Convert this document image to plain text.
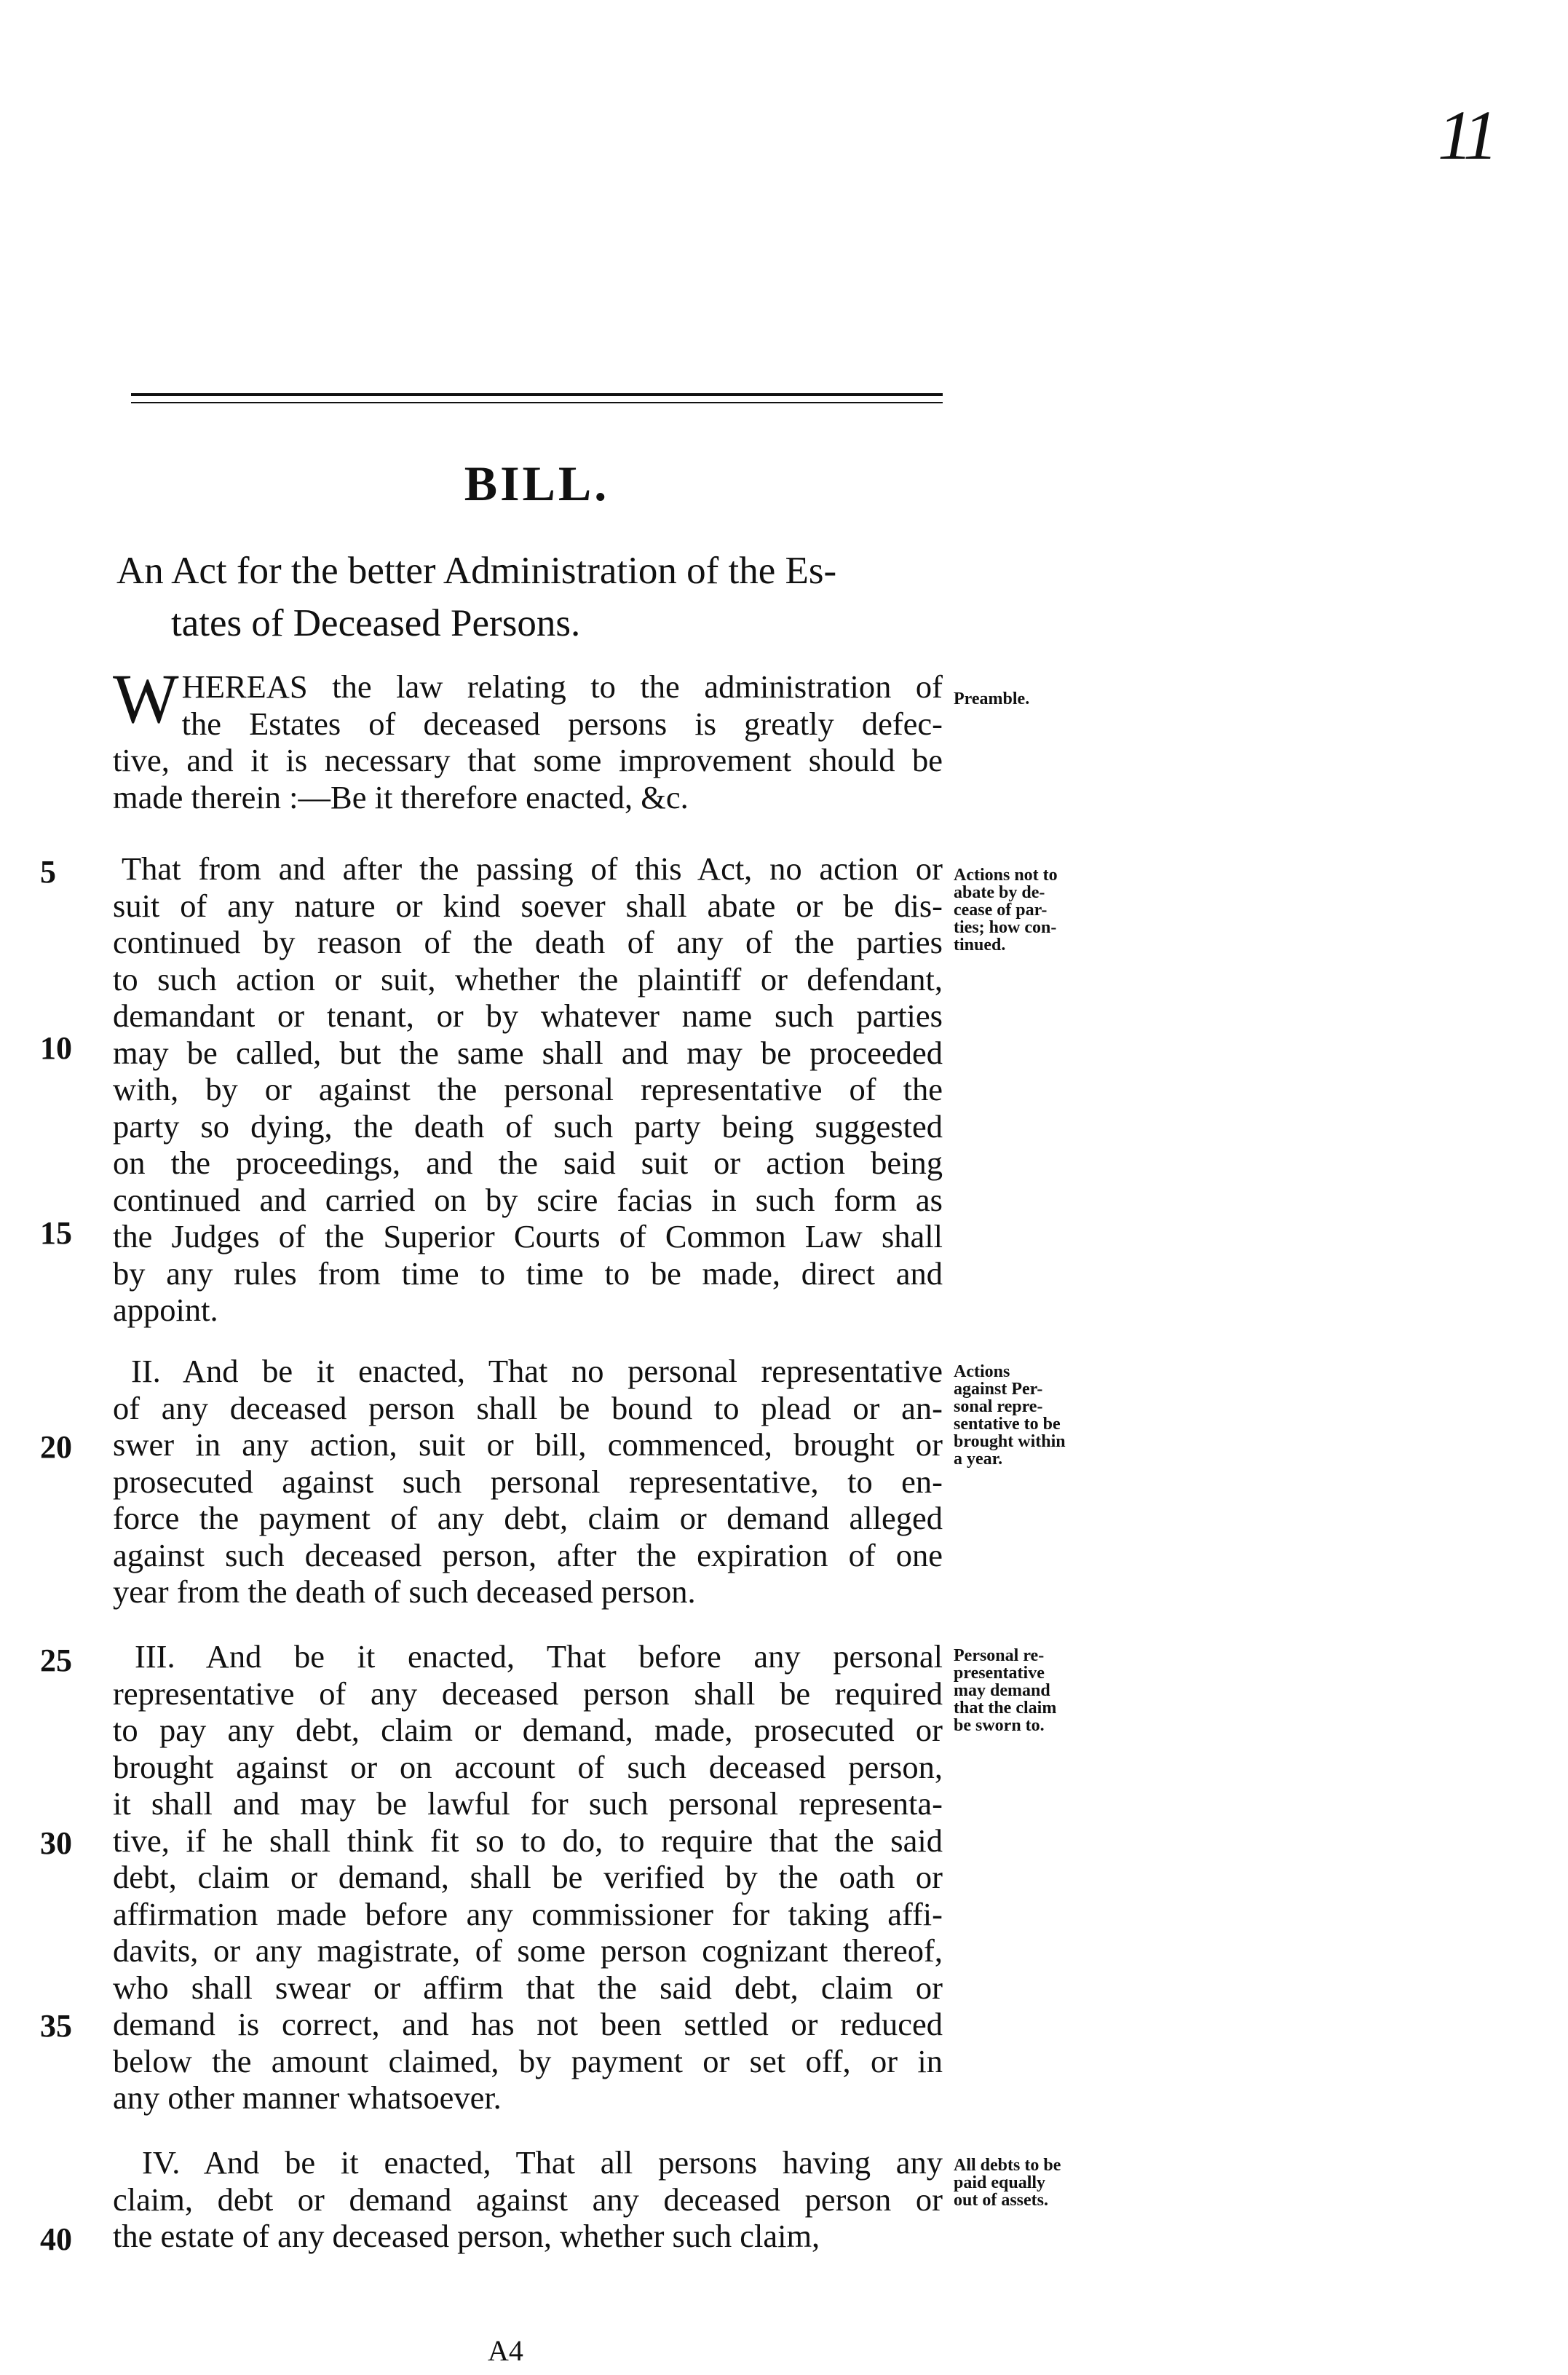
11
BILL.
An Act for the better Administration of the Es-
tates of Deceased Persons.
W HEREAS the law relating to the administration of
the Estates of deceased persons is greatly defec-
tive, and it is necessary that some improvement should be
made therein :—Be it therefore enacted, &c.
Preamble.
That from and after the passing of this Act, no action or
suit of any nature or kind soever shall abate or be dis-
continued by reason of the death of any of the parties
to such action or suit, whether the plaintiff or defendant,
demandant or tenant, or by whatever name such parties
may be called, but the same shall and may be proceeded
with, by or against the personal representative of the
party so dying, the death of such party being suggested
on the proceedings, and the said suit or action being
continued and carried on by scire facias in such form as
the Judges of the Superior Courts of Common Law shall
by any rules from time to time to be made, direct and
appoint.
Actions not to
abate by de-
cease of par-
ties; how con-
tinued.
II. And be it enacted, That no personal representative
of any deceased person shall be bound to plead or an-
swer in any action, suit or bill, commenced, brought or
prosecuted against such personal representative, to en-
force the payment of any debt, claim or demand alleged
against such deceased person, after the expiration of one
year from the death of such deceased person.
Actions
against Per-
sonal repre-
sentative to be
brought within
a year.
III. And be it enacted, That before any personal
representative of any deceased person shall be required
to pay any debt, claim or demand, made, prosecuted or
brought against or on account of such deceased person,
it shall and may be lawful for such personal representa-
tive, if he shall think fit so to do, to require that the said
debt, claim or demand, shall be verified by the oath or
affirmation made before any commissioner for taking affi-
davits, or any magistrate, of some person cognizant thereof,
who shall swear or affirm that the said debt, claim or
demand is correct, and has not been settled or reduced
below the amount claimed, by payment or set off, or in
any other manner whatsoever.
Personal re-
presentative
may demand
that the claim
be sworn to.
IV. And be it enacted, That all persons having any
claim, debt or demand against any deceased person or
the estate of any deceased person, whether such claim,
All debts to be
paid equally
out of assets.
5
10
15
20
25
30
35
40
A4
